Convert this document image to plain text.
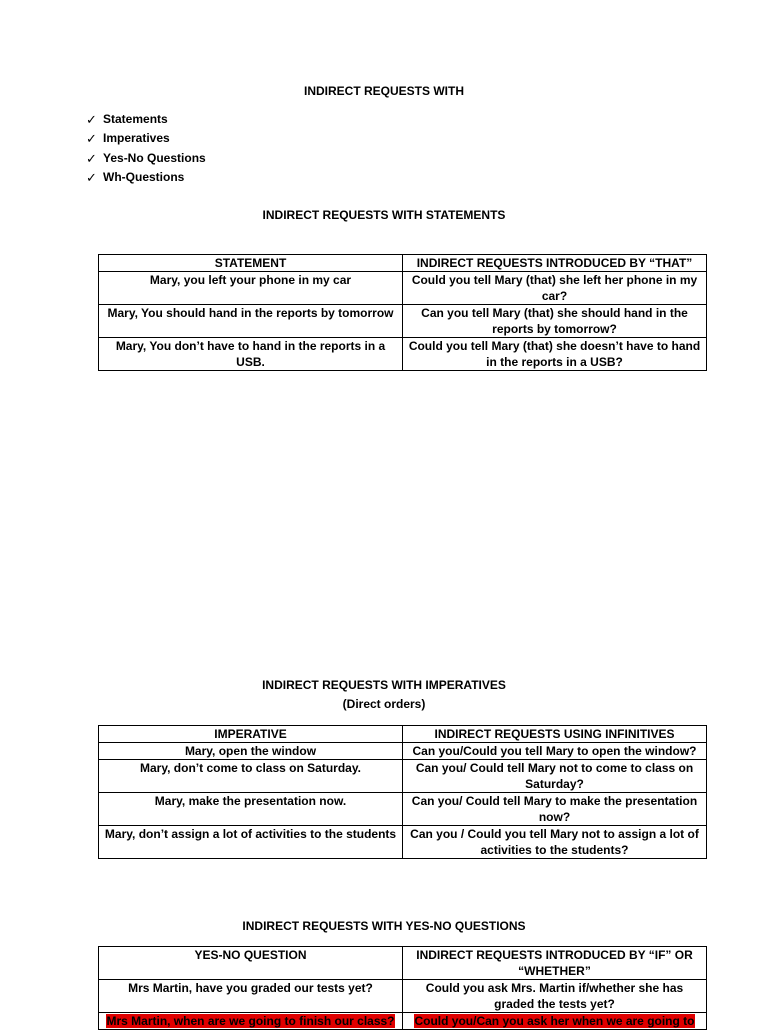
INDIRECT REQUESTS WITH
✓ Statements
✓ Imperatives
✓ Yes-No Questions
✓ Wh-Questions
INDIRECT REQUESTS WITH STATEMENTS
STATEMENT	INDIRECT REQUESTS INTRODUCED BY “THAT”
Mary, you left your phone in my car	Could you tell Mary (that) she left her phone in my car?
Mary, You should hand in the reports by tomorrow	Can you tell Mary (that) she should hand in the reports by tomorrow?
Mary, You don’t have to hand in the reports in a USB.	Could you tell Mary (that) she doesn’t have to hand in the reports in a USB?
INDIRECT REQUESTS WITH IMPERATIVES
(Direct orders)
IMPERATIVE	INDIRECT REQUESTS USING INFINITIVES
Mary, open the window	Can you/Could you tell Mary to open the window?
Mary, don’t come to class on Saturday.	Can you/ Could tell Mary not to come to class on Saturday?
Mary, make the presentation now.	Can you/ Could tell Mary to make the presentation now?
Mary, don’t assign a lot of activities to the students	Can you / Could you tell Mary not to assign a lot of activities to the students?
INDIRECT REQUESTS WITH YES-NO QUESTIONS
YES-NO QUESTION	INDIRECT REQUESTS INTRODUCED BY “IF” OR “WHETHER”
Mrs Martin, have you graded our tests yet?	Could you ask Mrs. Martin if/whether she has graded the tests yet?
Mrs Martin, when are we going to finish our class?	Could you/Can you ask her when we are going to
